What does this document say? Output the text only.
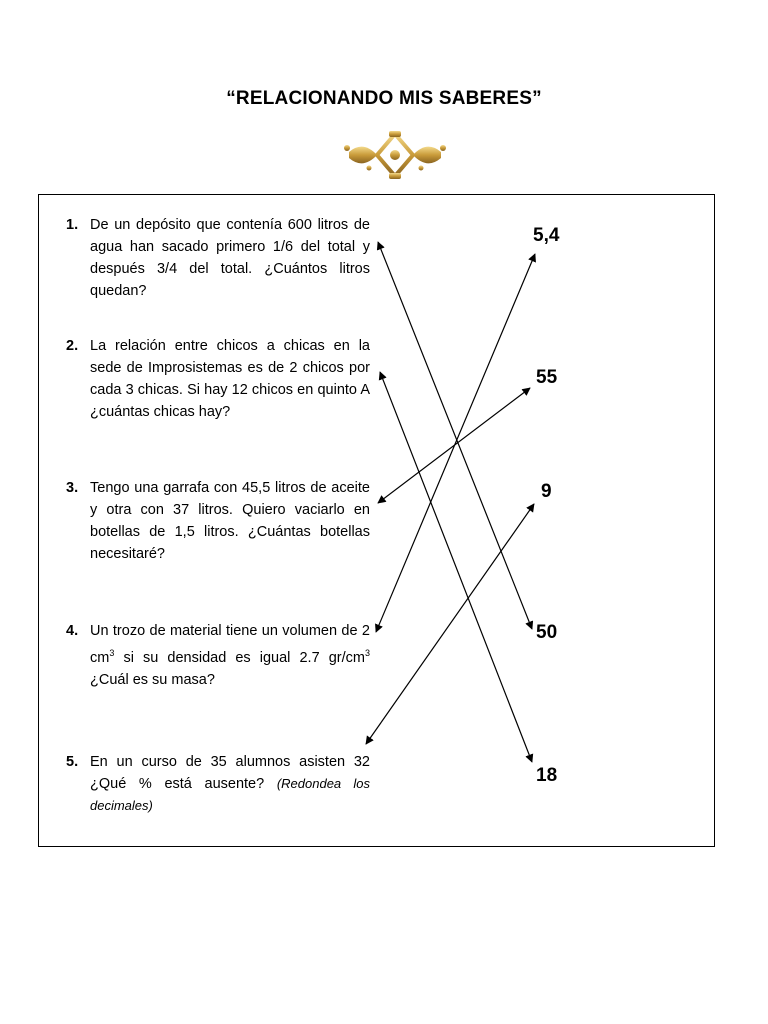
“RELACIONANDO MIS SABERES”
1. De un depósito que contenía 600 litros de agua han sacado primero 1/6 del total y después 3/4 del total. ¿Cuántos litros quedan?
2. La relación entre chicos a chicas en la sede de Improsistemas es de 2 chicos por cada 3 chicas. Si hay 12 chicos en quinto A ¿cuántas chicas hay?
3. Tengo una garrafa con 45,5 litros de aceite y otra con 37 litros. Quiero vaciarlo en botellas de 1,5 litros. ¿Cuántas botellas necesitaré?
4. Un trozo de material tiene un volumen de 2 $cm^3$ si su densidad es igual 2.7 $gr/cm^3$ ¿Cuál es su masa?
5. En un curso de 35 alumnos asisten 32 ¿Qué % está ausente? (Redondea los decimales)
5,4
55
9
50
18
